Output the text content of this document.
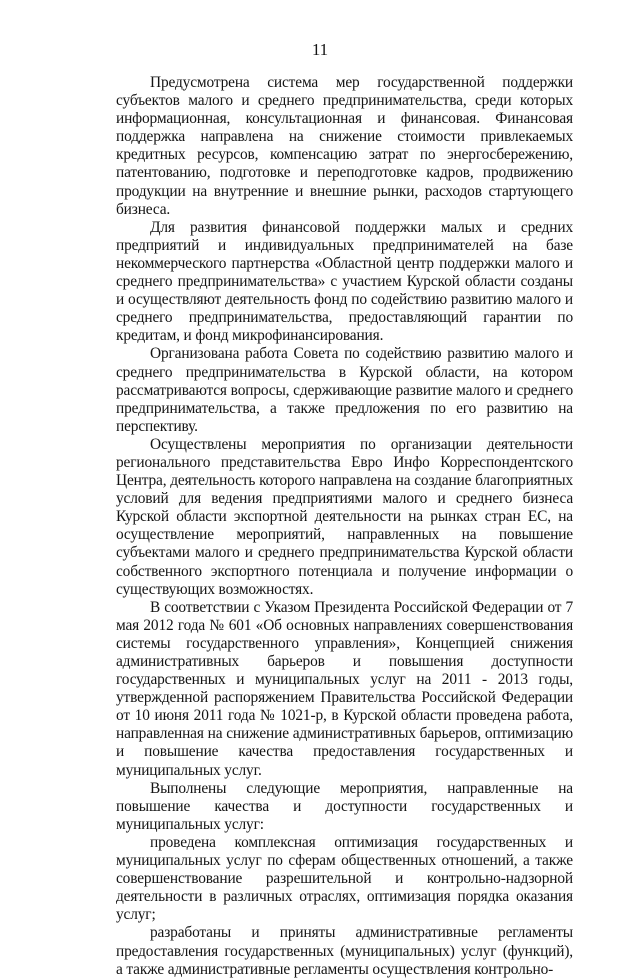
11

Предусмотрена система мер государственной поддержки субъектов малого и среднего предпринимательства, среди которых информационная, консультационная и финансовая. Финансовая поддержка направлена на снижение стоимости привлекаемых кредитных ресурсов, компенсацию затрат по энергосбережению, патентованию, подготовке и переподготовке кадров, продвижению продукции на внутренние и внешние рынки, расходов стартующего бизнеса.

Для развития финансовой поддержки малых и средних предприятий и индивидуальных предпринимателей на базе некоммерческого партнерства «Областной центр поддержки малого и среднего предпринимательства» с участием Курской области созданы и осуществляют деятельность фонд по содействию развитию малого и среднего предпринимательства, предоставляющий гарантии по кредитам, и фонд микрофинансирования.

Организована работа Совета по содействию развитию малого и среднего предпринимательства в Курской области, на котором рассматриваются вопросы, сдерживающие развитие малого и среднего предпринимательства, а также предложения по его развитию на перспективу.

Осуществлены мероприятия по организации деятельности регионального представительства Евро Инфо Корреспондентского Центра, деятельность которого направлена на создание благоприятных условий для ведения предприятиями малого и среднего бизнеса Курской области экспортной деятельности на рынках стран ЕС, на осуществление мероприятий, направленных на повышение субъектами малого и среднего предпринимательства Курской области собственного экспортного потенциала и получение информации о существующих возможностях.

В соответствии с Указом Президента Российской Федерации от 7 мая 2012 года № 601 «Об основных направлениях совершенствования системы государственного управления», Концепцией снижения административных барьеров и повышения доступности государственных и муниципальных услуг на 2011 - 2013 годы, утвержденной распоряжением Правительства Российской Федерации от 10 июня 2011 года № 1021-р, в Курской области проведена работа, направленная на снижение административных барьеров, оптимизацию и повышение качества предоставления государственных и муниципальных услуг.

Выполнены следующие мероприятия, направленные на повышение качества и доступности государственных и муниципальных услуг:

проведена комплексная оптимизация государственных и муниципальных услуг по сферам общественных отношений, а также совершенствование разрешительной и контрольно-надзорной деятельности в различных отраслях, оптимизация порядка оказания услуг;

разработаны и приняты административные регламенты предоставления государственных (муниципальных) услуг (функций), а также административные регламенты осуществления контрольно-
